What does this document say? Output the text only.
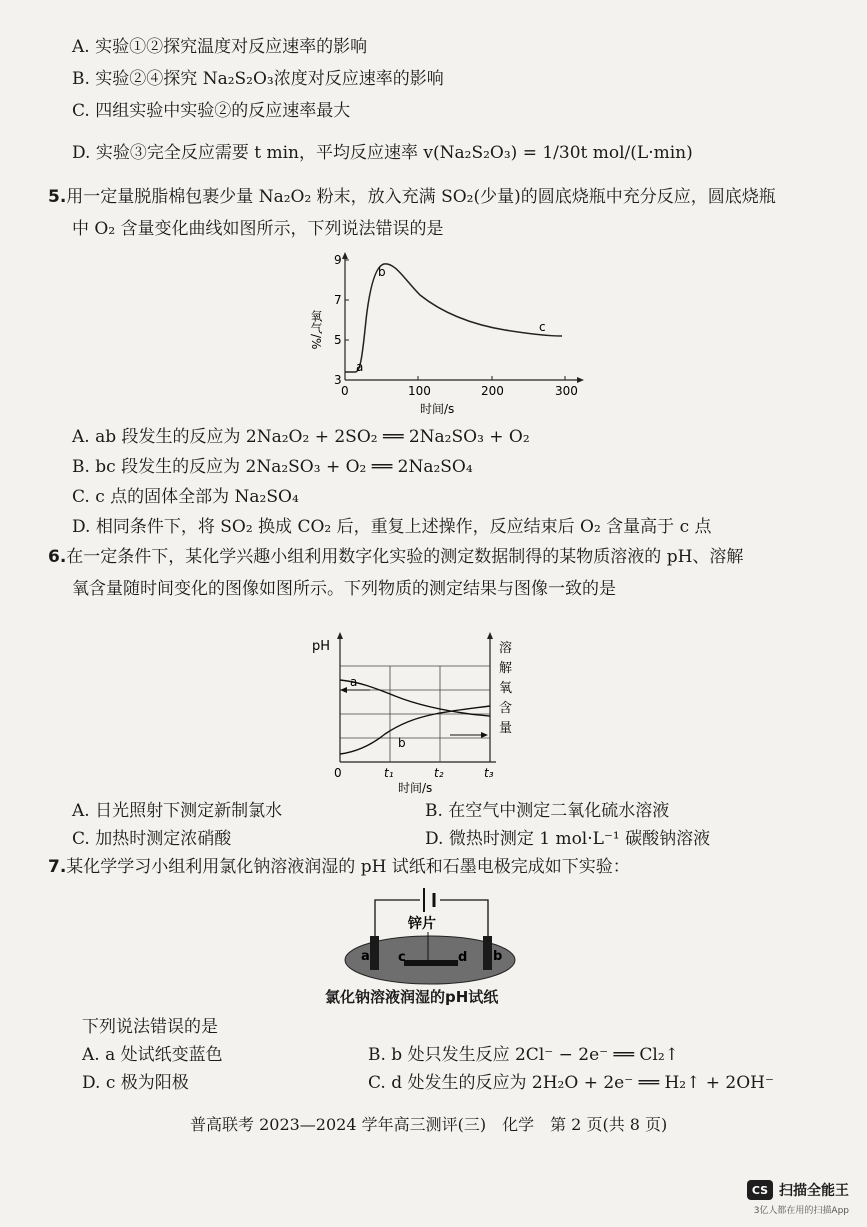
A. 实验①②探究温度对反应速率的影响
B. 实验②④探究 Na₂S₂O₃浓度对反应速率的影响
C. 四组实验中实验②的反应速率最大
D. 实验③完全反应需要 t min，平均反应速率 v(Na₂S₂O₃) = 1/30t mol/(L·min)
5.用一定量脱脂棉包裹少量 Na₂O₂ 粉末，放入充满 SO₂(少量)的圆底烧瓶中充分反应，圆底烧瓶
中 O₂ 含量变化曲线如图所示，下列说法错误的是
3
5
7
9
0	100	200	300
a
b
c
氧气/%
时间/s
A. ab 段发生的反应为 2Na₂O₂ + 2SO₂ ══ 2Na₂SO₃ + O₂
B. bc 段发生的反应为 2Na₂SO₃ + O₂ ══ 2Na₂SO₄
C. c 点的固体全部为 Na₂SO₄
D. 相同条件下，将 SO₂ 换成 CO₂ 后，重复上述操作，反应结束后 O₂ 含量高于 c 点
6.在一定条件下，某化学兴趣小组利用数字化实验的测定数据制得的某物质溶液的 pH、溶解
氧含量随时间变化的图像如图所示。下列物质的测定结果与图像一致的是
a
b
pH	溶
解
氧
含
量
0	t₁	t₂	t₃
时间/s
A. 日光照射下测定新制氯水	B. 在空气中测定二氧化硫水溶液
C. 加热时测定浓硝酸	D. 微热时测定 1 mol·L⁻¹ 碳酸钠溶液
7.某化学学习小组利用氯化钠溶液润湿的 pH 试纸和石墨电极完成如下实验：
锌片
a	b
c	d
氯化钠溶液润湿的pH试纸
下列说法错误的是
A. a 处试纸变蓝色	B. b 处只发生反应 2Cl⁻ − 2e⁻ ══ Cl₂↑
D. c 极为阳极	C. d 处发生的反应为 2H₂O + 2e⁻ ══ H₂↑ + 2OH⁻
普高联考 2023—2024 学年高三测评(三)　化学　第 2 页(共 8 页)
CS 扫描全能王
3亿人都在用的扫描App
